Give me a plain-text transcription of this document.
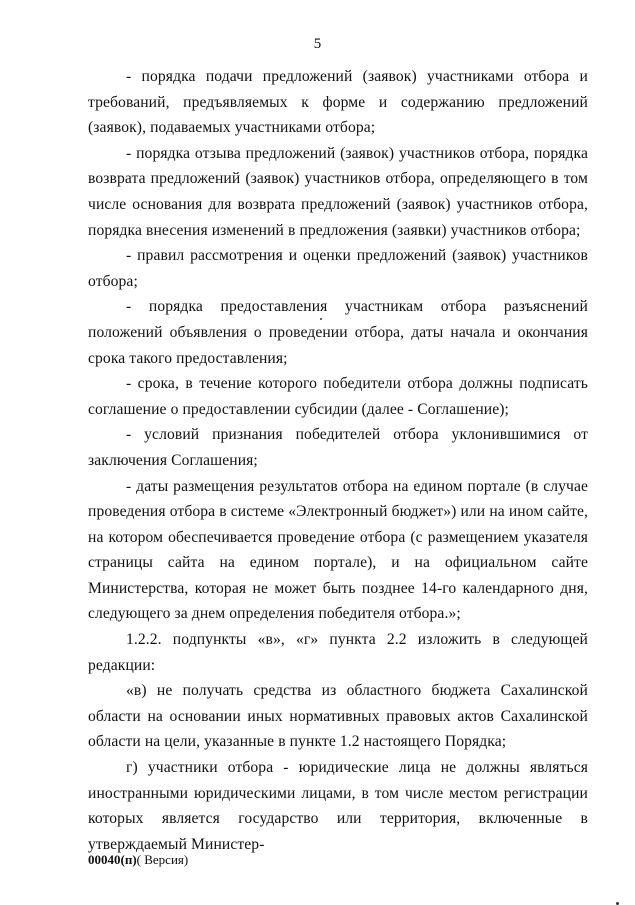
5

- порядка подачи предложений (заявок) участниками отбора и требований, предъявляемых к форме и содержанию предложений (заявок), подаваемых участниками отбора;

- порядка отзыва предложений (заявок) участников отбора, порядка возврата предложений (заявок) участников отбора, определяющего в том числе основания для возврата предложений (заявок) участников отбора, порядка внесения изменений в предложения (заявки) участников отбора;

- правил рассмотрения и оценки предложений (заявок) участников отбора;

- порядка предоставления участникам отбора разъяснений положений объявления о проведении отбора, даты начала и окончания срока такого предоставления;

- срока, в течение которого победители отбора должны подписать соглашение о предоставлении субсидии (далее - Соглашение);

- условий признания победителей отбора уклонившимися от заключения Соглашения;

- даты размещения результатов отбора на едином портале (в случае проведения отбора в системе «Электронный бюджет») или на ином сайте, на котором обеспечивается проведение отбора (с размещением указателя страницы сайта на едином портале), и на официальном сайте Министерства, которая не может быть позднее 14-го календарного дня, следующего за днем определения победителя отбора.»;

1.2.2. подпункты «в», «г» пункта 2.2 изложить в следующей редакции:

«в) не получать средства из областного бюджета Сахалинской области на основании иных нормативных правовых актов Сахалинской области на цели, указанные в пункте 1.2 настоящего Порядка;

г) участники отбора - юридические лица не должны являться иностранными юридическими лицами, в том числе местом регистрации которых является государство или территория, включенные в утверждаемый Министер-

00040(п)( Версия)
